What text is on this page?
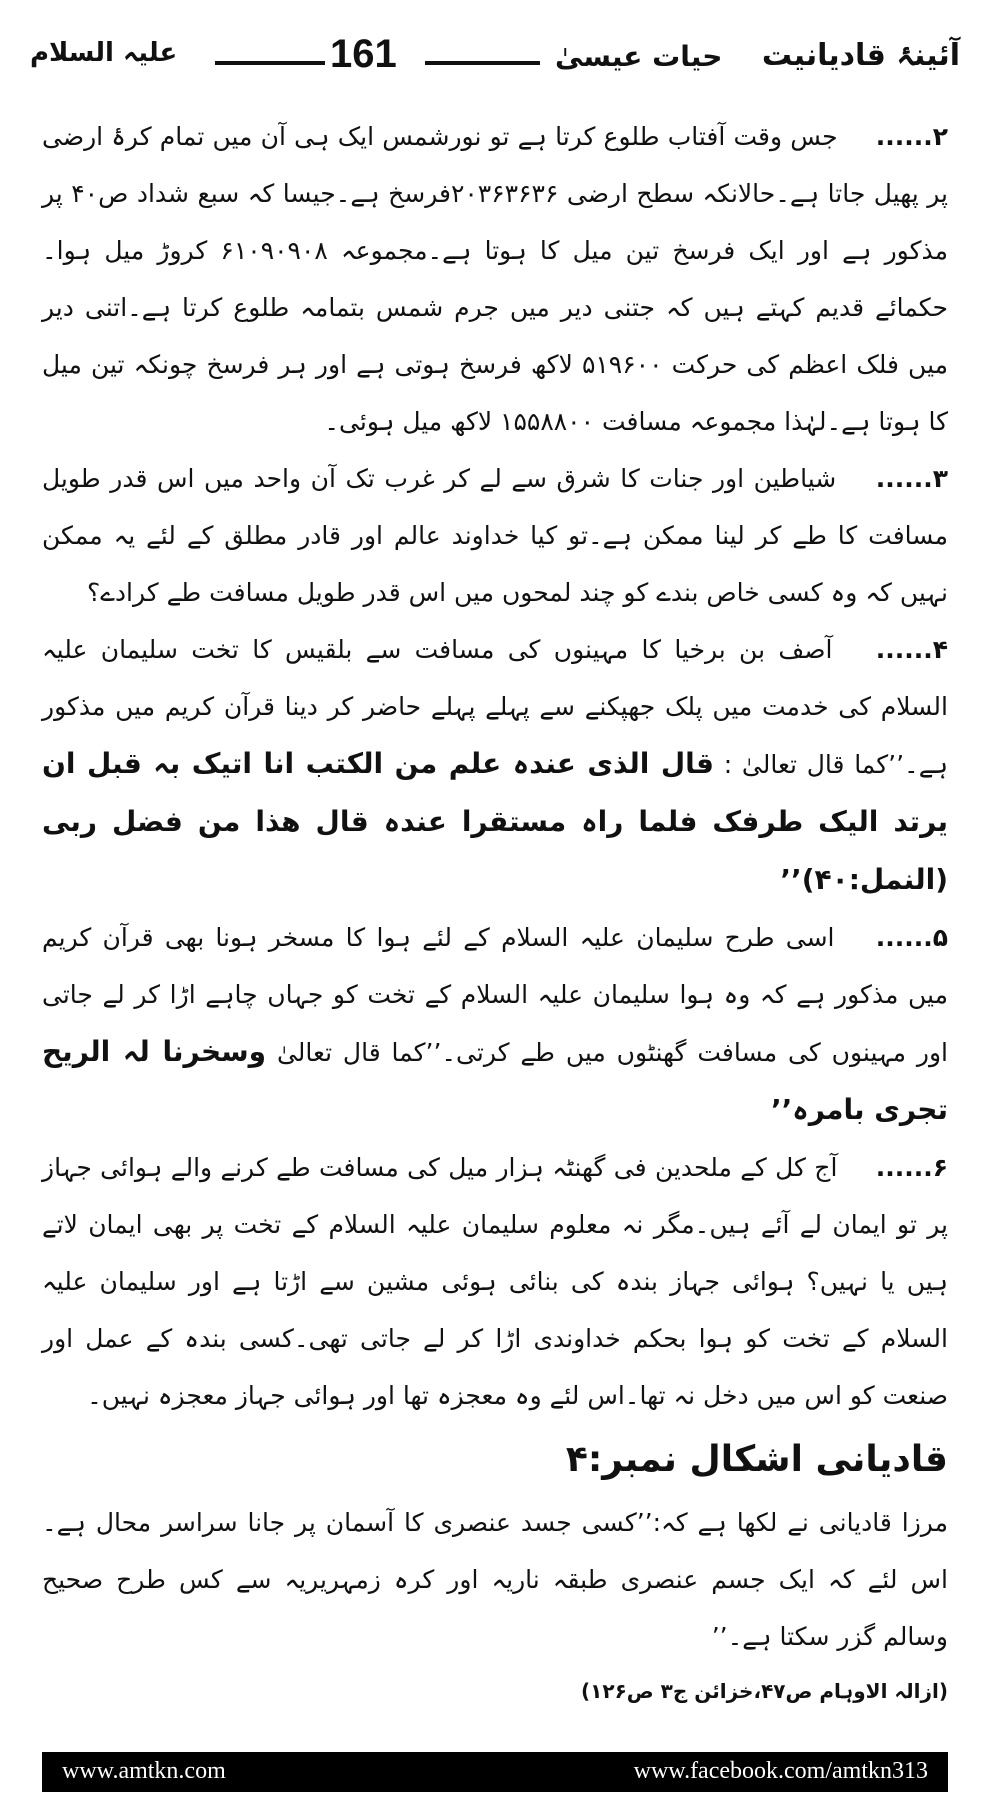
علیہ السلام	161	حیات عیسیٰ آئینۂ قادیانیت

۲...... جس وقت آفتاب طلوع کرتا ہے تو نورشمس ایک ہی آن میں تمام کرۂ ارضی پر پھیل جاتا ہے۔حالانکہ سطح ارضی ۲۰۳۶۳۶۳۶فرسخ ہے۔جیسا کہ سبع شداد ص۴۰ پر مذکور ہے اور ایک فرسخ تین میل کا ہوتا ہے۔مجموعہ ۶۱۰۹۰۹۰۸ کروڑ میل ہوا۔حکمائے قدیم کہتے ہیں کہ جتنی دیر میں جرم شمس بتمامہ طلوع کرتا ہے۔اتنی دیر میں فلک اعظم کی حرکت ۵۱۹۶۰۰ لاکھ فرسخ ہوتی ہے اور ہر فرسخ چونکہ تین میل کا ہوتا ہے۔لہٰذا مجموعہ مسافت ۱۵۵۸۸۰۰ لاکھ میل ہوئی۔

۳...... شیاطین اور جنات کا شرق سے لے کر غرب تک آن واحد میں اس قدر طویل مسافت کا طے کر لینا ممکن ہے۔تو کیا خداوند عالم اور قادر مطلق کے لئے یہ ممکن نہیں کہ وہ کسی خاص بندے کو چند لمحوں میں اس قدر طویل مسافت طے کرادے؟

۴...... آصف بن برخیا کا مہینوں کی مسافت سے بلقیس کا تخت سلیمان علیہ السلام کی خدمت میں پلک جھپکنے سے پہلے پہلے حاضر کر دینا قرآن کریم میں مذکور ہے۔’’کما قال تعالیٰ : قال الذی عندہ علم من الکتب انا اتیک بہ قبل ان یرتد الیک طرفک فلما راہ مستقرا عندہ قال ھذا من فضل ربی (النمل:۴۰)’’

۵...... اسی طرح سلیمان علیہ السلام کے لئے ہوا کا مسخر ہونا بھی قرآن کریم میں مذکور ہے کہ وہ ہوا سلیمان علیہ السلام کے تخت کو جہاں چاہے اڑا کر لے جاتی اور مہینوں کی مسافت گھنٹوں میں طے کرتی۔’’کما قال تعالیٰ وسخرنا لہ الریح تجری بامرہ’’

۶...... آج کل کے ملحدین فی گھنٹہ ہزار میل کی مسافت طے کرنے والے ہوائی جہاز پر تو ایمان لے آئے ہیں۔مگر نہ معلوم سلیمان علیہ السلام کے تخت پر بھی ایمان لاتے ہیں یا نہیں؟ ہوائی جہاز بندہ کی بنائی ہوئی مشین سے اڑتا ہے اور سلیمان علیہ السلام کے تخت کو ہوا بحکم خداوندی اڑا کر لے جاتی تھی۔کسی بندہ کے عمل اور صنعت کو اس میں دخل نہ تھا۔اس لئے وہ معجزہ تھا اور ہوائی جہاز معجزہ نہیں۔

قادیانی اشکال نمبر:۴

مرزا قادیانی نے لکھا ہے کہ:’’کسی جسد عنصری کا آسمان پر جانا سراسر محال ہے۔اس لئے کہ ایک جسم عنصری طبقہ ناریہ اور کرہ زمہریریہ سے کس طرح صحیح وسالم گزر سکتا ہے۔’’

(ازالہ الاوہام ص۴۷،خزائن ج۳ ص۱۲۶)
www.amtkn.com	www.facebook.com/amtkn313
